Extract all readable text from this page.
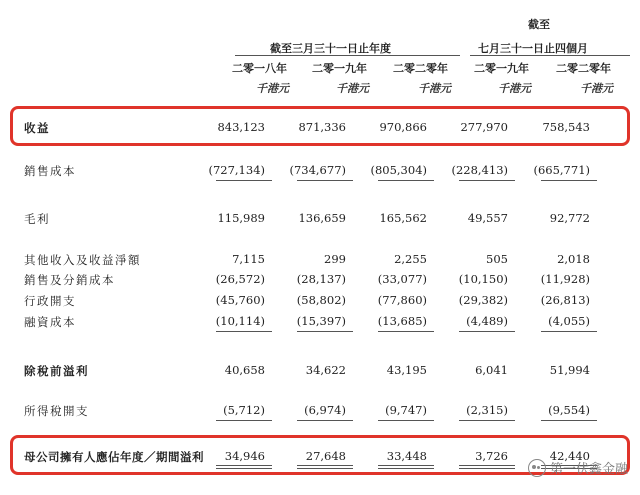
截至三月三十一日止年度
截至
七月三十一日止四個月
二零一八年 二零一九年 二零二零年 二零一九年 二零二零年
千港元	千港元	千港元	千港元	千港元
收益	843,123	871,336	970,866	277,970	758,543
銷售成本	(727,134)	(734,677)	(805,304)	(228,413)	(665,771)
毛利	115,989	136,659	165,562	49,557	92,772
其他收入及收益淨額	7,115	299	2,255	505	2,018
銷售及分銷成本	(26,572)	(28,137)	(33,077)	(10,150)	(11,928)
行政開支	(45,760)	(58,802)	(77,860)	(29,382)	(26,813)
融資成本	(10,114)	(15,397)	(13,685)	(4,489)	(4,055)
除稅前溢利	40,658	34,622	43,195	6,041	51,994
所得稅開支	(5,712)	(6,974)	(9,747)	(2,315)	(9,554)
母公司擁有人應佔年度／期間溢利	34,946	27,648	33,448	3,726	42,440
第一伏鑫金融
